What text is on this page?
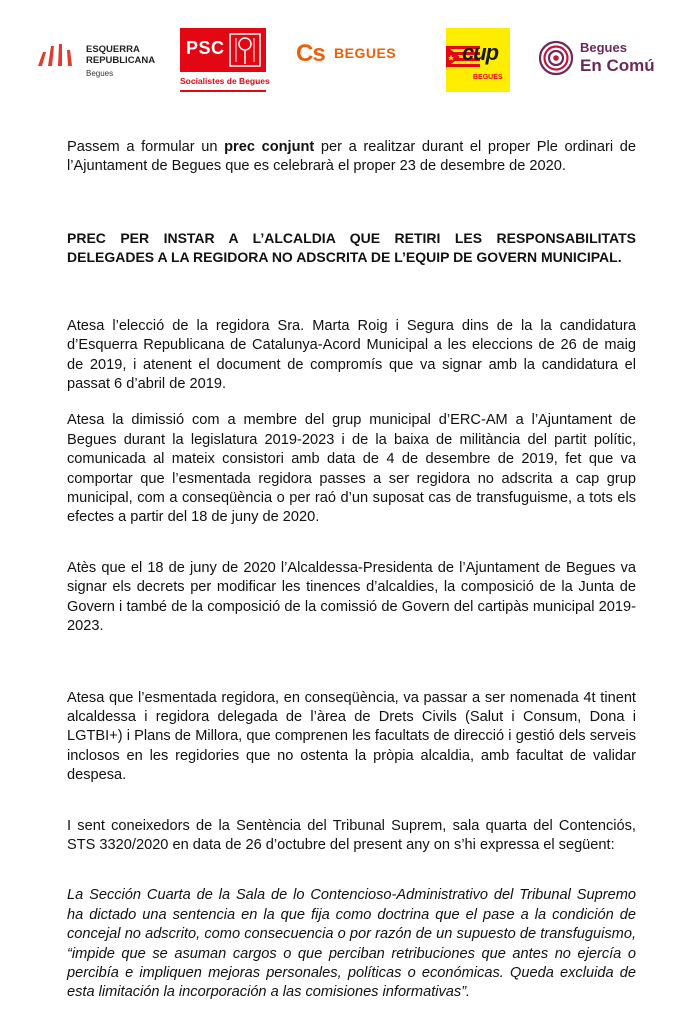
ESQUERRA
REPUBLICANA
Begues
PSC
Socialistes de Begues
Cs BEGUES	cup
BEGUES
Begues
En Comú

Passem a formular un prec conjunt per a realitzar durant el proper Ple ordinari de l’Ajuntament de Begues que es celebrarà el proper 23 de desembre de 2020.

PREC PER INSTAR A L’ALCALDIA QUE RETIRI LES RESPONSABILITATS DELEGADES A LA REGIDORA NO ADSCRITA DE L’EQUIP DE GOVERN MUNICIPAL.

Atesa l’elecció de la regidora Sra. Marta Roig i Segura dins de la la candidatura d’Esquerra Republicana de Catalunya-Acord Municipal a les eleccions de 26 de maig de 2019, i atenent el document de compromís que va signar amb la candidatura el passat 6 d’abril de 2019.

Atesa la dimissió com a membre del grup municipal d’ERC-AM a l’Ajuntament de Begues durant la legislatura 2019-2023 i de la baixa de militància del partit polític, comunicada al mateix consistori amb data de 4 de desembre de 2019, fet que va comportar que l’esmentada regidora passes a ser regidora no adscrita a cap grup municipal, com a conseqüència o per raó d’un suposat cas de transfuguisme, a tots els efectes a partir del 18 de juny de 2020.

Atès que el 18 de juny de 2020 l’Alcaldessa-Presidenta de l’Ajuntament de Begues va signar els decrets per modificar les tinences d’alcaldies, la composició de la Junta de Govern i també de la composició de la comissió de Govern del cartipàs municipal 2019-2023.

Atesa que l’esmentada regidora, en conseqüència, va passar a ser nomenada 4t tinent alcaldessa i regidora delegada de l’àrea de Drets Civils (Salut i Consum, Dona i LGTBI+) i Plans de Millora, que comprenen les facultats de direcció i gestió dels serveis inclosos en les regidories que no ostenta la pròpia alcaldia, amb facultat de validar despesa.

I sent coneixedors de la Sentència del Tribunal Suprem, sala quarta del Contenciós, STS 3320/2020 en data de 26 d’octubre del present any on s’hi expressa el següent:

La Sección Cuarta de la Sala de lo Contencioso-Administrativo del Tribunal Supremo ha dictado una sentencia en la que fija como doctrina que el pase a la condición de concejal no adscrito, como consecuencia o por razón de un supuesto de transfuguismo, “impide que se asuman cargos o que perciban retribuciones que antes no ejercía o percibía e impliquen mejoras personales, políticas o económicas. Queda excluida de esta limitación la incorporación a las comisiones informativas”.
